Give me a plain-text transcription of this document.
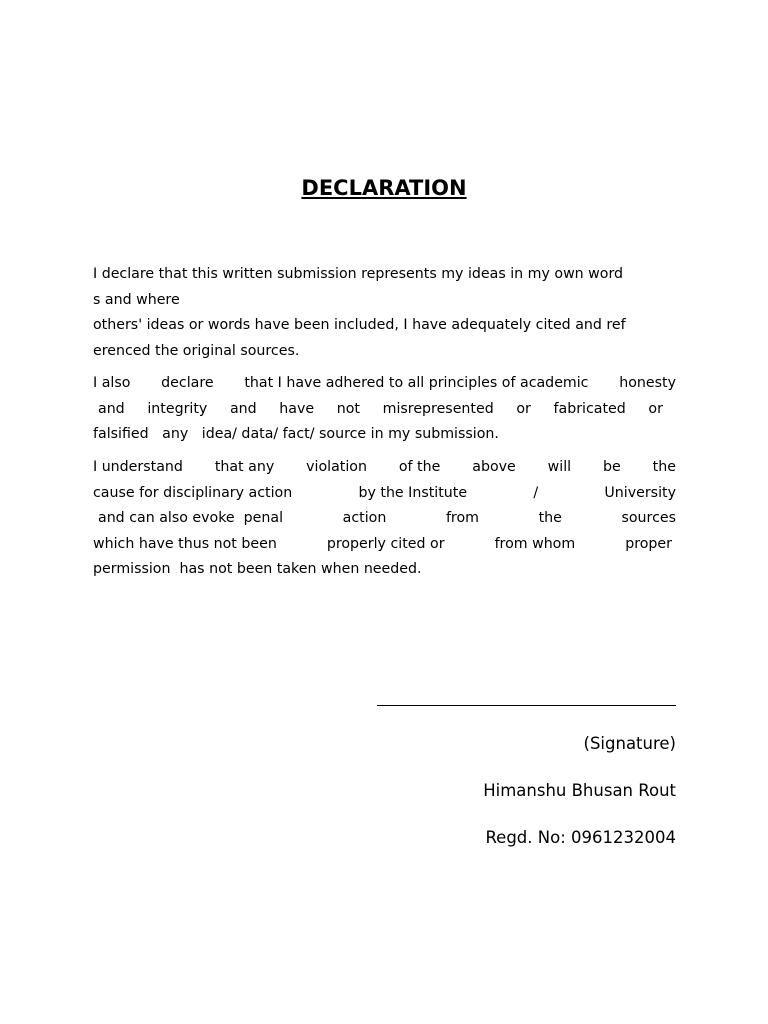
DECLARATION
I declare that this written submission represents my ideas in my own word
s and where
others' ideas or words have been included, I have adequately cited and ref
erenced the original sources.
I also declare that I have adhered to all principles of academic honesty
and integrity and have not misrepresented or fabricated or
falsified   any   idea/ data/ fact/ source in my submission.
I understand that any violation of the above will be the
cause for disciplinary action	by the Institute	/	University
and can also evoke  penal	action	from	the	sources
which have thus not been	properly cited or	from whom	proper
permission  has not been taken when needed.
(Signature)
Himanshu Bhusan Rout
Regd. No: 0961232004
